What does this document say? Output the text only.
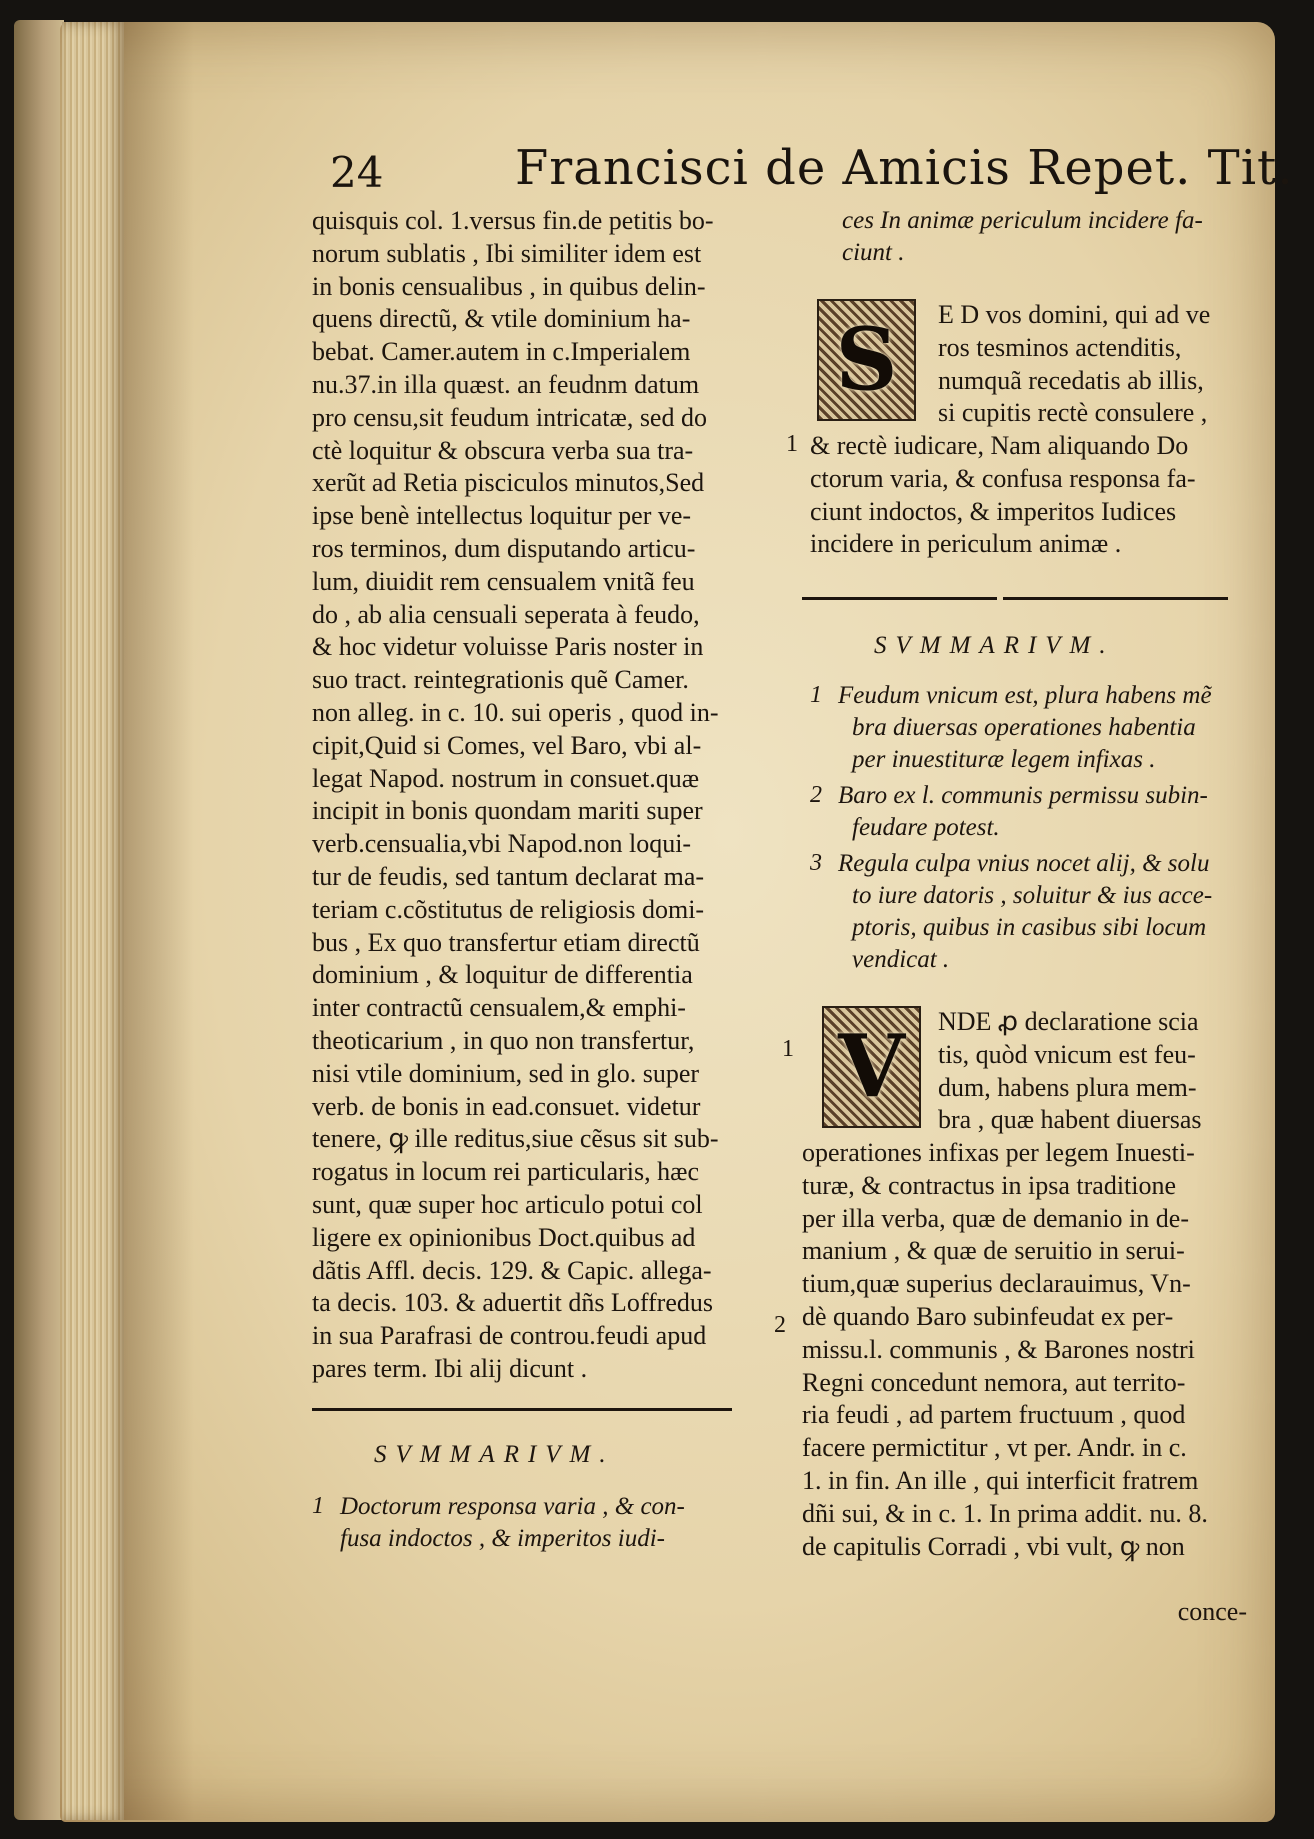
24	Francisci de Amicis Repet. Tit.
quisquis col. 1.versus fin.de petitis bo-
norum sublatis , Ibi similiter idem est
in bonis censualibus , in quibus delin-
quens directũ, & vtile dominium ha-
bebat. Camer.autem in c.Imperialem
nu.37.in illa quæst. an feudnm datum
pro censu,sit feudum intricatæ, sed do
ctè loquitur & obscura verba sua tra-
xerũt ad Retia pisciculos minutos,Sed
ipse benè intellectus loquitur per ve-
ros terminos, dum disputando articu-
lum, diuidit rem censualem vnitã feu
do , ab alia censuali seperata à feudo,
& hoc videtur voluisse Paris noster in
suo tract. reintegrationis quẽ Camer.
non alleg. in c. 10. sui operis , quod in-
cipit,Quid si Comes, vel Baro, vbi al-
legat Napod. nostrum in consuet.quæ
incipit in bonis quondam mariti super
verb.censualia,vbi Napod.non loqui-
tur de feudis, sed tantum declarat ma-
teriam c.cõstitutus de religiosis domi-
bus , Ex quo transfertur etiam directũ
dominium , & loquitur de differentia
inter contractũ censualem,& emphi-
theoticarium , in quo non transfertur,
nisi vtile dominium, sed in glo. super
verb. de bonis in ead.consuet. videtur
tenere, ꝙ ille reditus,siue cẽsus sit sub-
rogatus in locum rei particularis, hæc
sunt, quæ super hoc articulo potui col
ligere ex opinionibus Doct.quibus ad
dãtis Affl. decis. 129. & Capic. allega-
ta decis. 103. & aduertit dñs Loffredus
in sua Parafrasi de controu.feudi apud
pares term. Ibi alij dicunt .
SVMMARIVM.
1 Doctorum responsa varia , & con-
fusa indoctos , & imperitos iudi-
ces In animæ periculum incidere fa-
ciunt .
S
1
E D vos domini, qui ad ve
ros tesminos actenditis,
numquã recedatis ab illis,
si cupitis rectè consulere ,
& rectè iudicare, Nam aliquando Do
ctorum varia, & confusa responsa fa-
ciunt indoctos, & imperitos Iudices
incidere in periculum animæ .
SVMMARIVM.
1 Feudum vnicum est, plura habens mẽ
bra diuersas operationes habentia
per inuestituræ legem infixas .
2 Baro ex l. communis permissu subin-
feudare potest.
3 Regula culpa vnius nocet alij, & solu
to iure datoris , soluitur & ius acce-
ptoris, quibus in casibus sibi locum
vendicat .
V
1
2
NDE ꝓ declaratione scia
tis, quòd vnicum est feu-
dum, habens plura mem-
bra , quæ habent diuersas
operationes infixas per legem Inuesti-
turæ, & contractus in ipsa traditione
per illa verba, quæ de demanio in de-
manium , & quæ de seruitio in serui-
tium,quæ superius declarauimus, Vn-
dè quando Baro subinfeudat ex per-
missu.l. communis , & Barones nostri
Regni concedunt nemora, aut territo-
ria feudi , ad partem fructuum , quod
facere permictitur , vt per. Andr. in c.
1. in fin. An ille , qui interficit fratrem
dñi sui, & in c. 1. In prima addit. nu. 8.
de capitulis Corradi , vbi vult, ꝙ non
conce-
